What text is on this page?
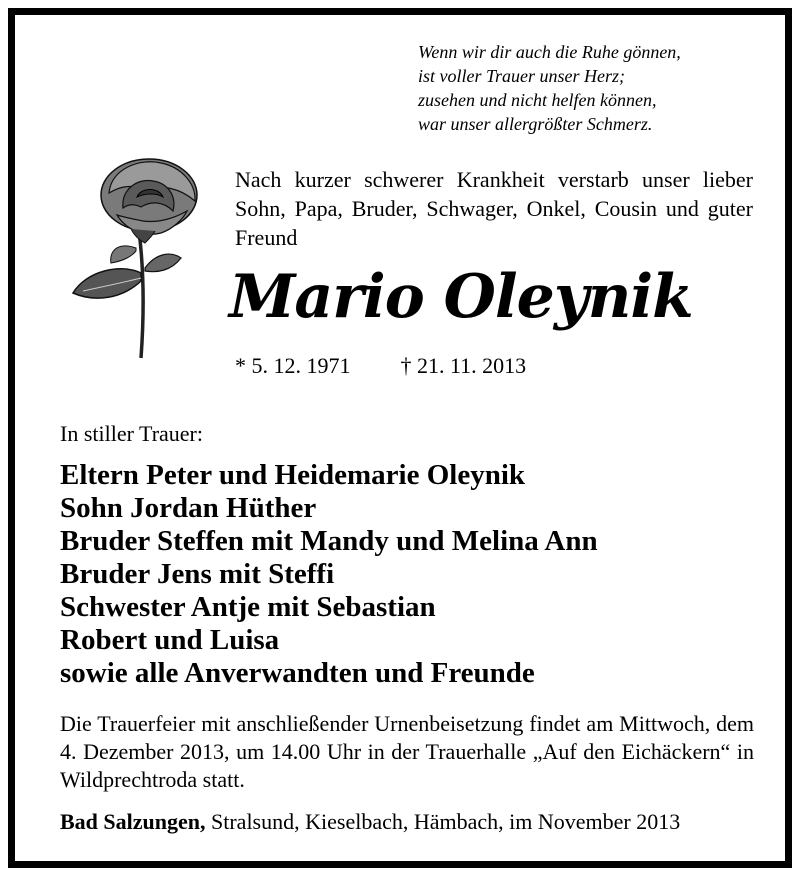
Wenn wir dir auch die Ruhe gönnen,
ist voller Trauer unser Herz;
zusehen und nicht helfen können,
war unser allergrößter Schmerz.
Nach kurzer schwerer Krankheit verstarb unser lieber Sohn, Papa, Bruder, Schwager, Onkel, Cousin und guter Freund
Mario Oleynik
* 5. 12. 1971 † 21. 11. 2013
In stiller Trauer:
Eltern Peter und Heidemarie Oleynik
Sohn Jordan Hüther
Bruder Steffen mit Mandy und Melina Ann
Bruder Jens mit Steffi
Schwester Antje mit Sebastian
Robert und Luisa
sowie alle Anverwandten und Freunde
Die Trauerfeier mit anschließender Urnenbeisetzung findet am Mittwoch, dem 4. Dezember 2013, um 14.00 Uhr in der Trauerhalle „Auf den Eichäckern“ in Wildprechtroda statt.
Bad Salzungen, Stralsund, Kieselbach, Hämbach, im November 2013
